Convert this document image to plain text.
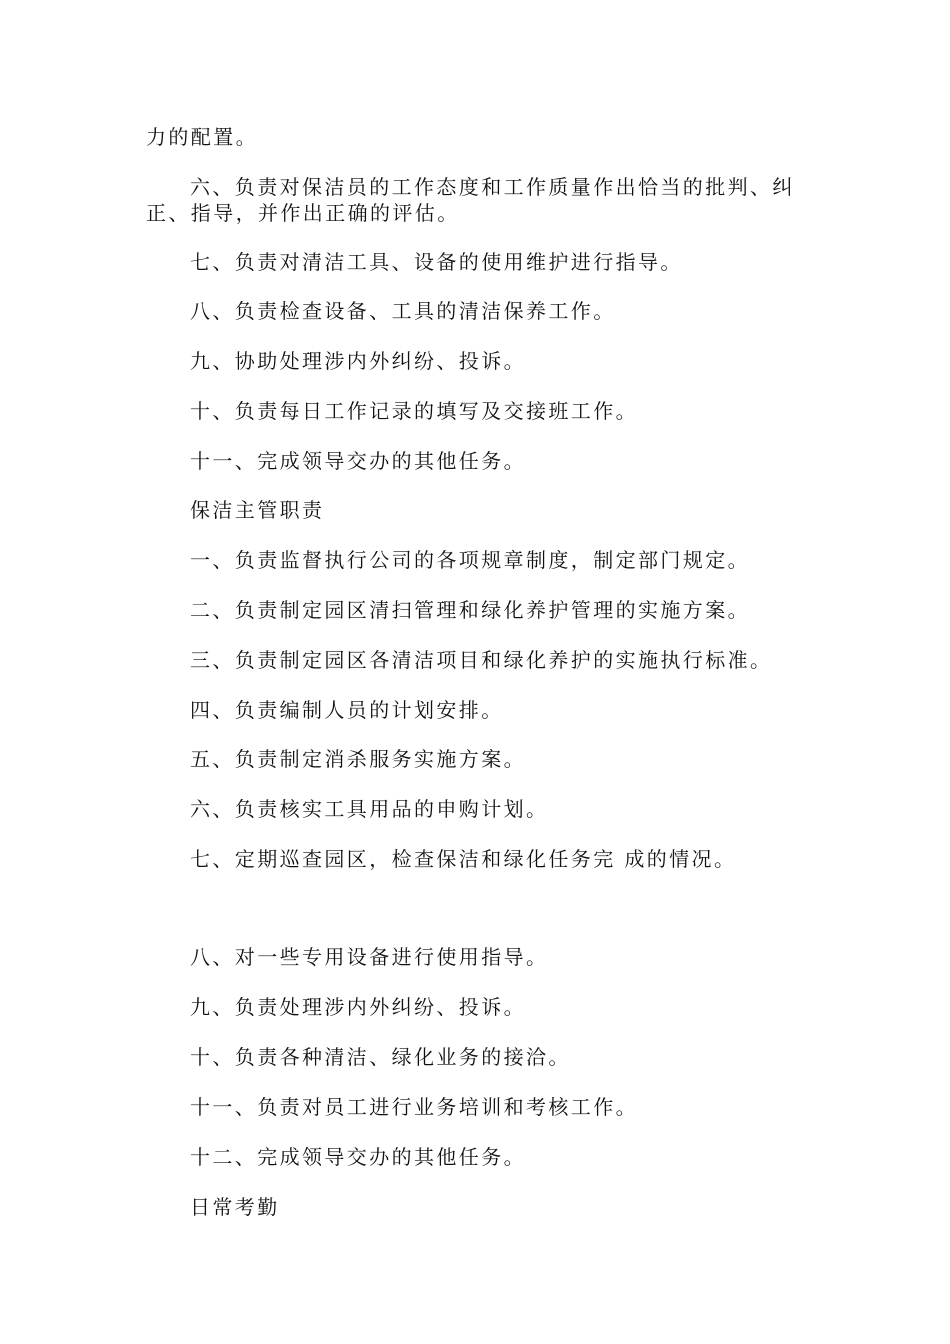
力的配置。
六、负责对保洁员的工作态度和工作质量作出恰当的批判、纠
正、指导，并作出正确的评估。
七、负责对清洁工具、设备的使用维护进行指导。
八、负责检查设备、工具的清洁保养工作。
九、协助处理涉内外纠纷、投诉。
十、负责每日工作记录的填写及交接班工作。
十一、完成领导交办的其他任务。
保洁主管职责
一、负责监督执行公司的各项规章制度，制定部门规定。
二、负责制定园区清扫管理和绿化养护管理的实施方案。
三、负责制定园区各清洁项目和绿化养护的实施执行标准。
四、负责编制人员的计划安排。
五、负责制定消杀服务实施方案。
六、负责核实工具用品的申购计划。
七、定期巡查园区，检查保洁和绿化任务完 成的情况。
八、对一些专用设备进行使用指导。
九、负责处理涉内外纠纷、投诉。
十、负责各种清洁、绿化业务的接洽。
十一、负责对员工进行业务培训和考核工作。
十二、完成领导交办的其他任务。
日常考勤
